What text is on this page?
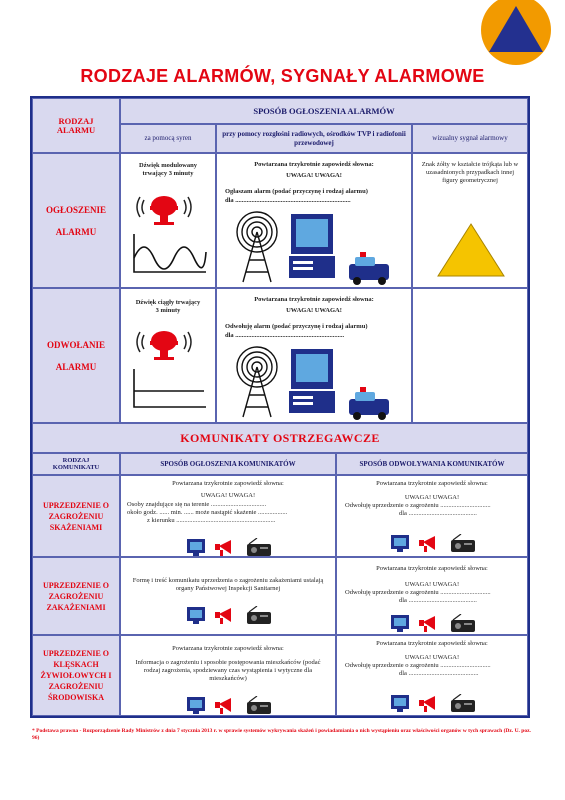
RODZAJE ALARMÓW, SYGNAŁY ALARMOWE
RODZAJ ALARMU
SPOSÓB OGŁOSZENIA ALARMÓW
za pomocą syren
przy pomocy rozgłośni radiowych, ośrodków TVP i radiofonii przewodowej
wizualny sygnał alarmowy
OGŁOSZENIE ALARMU
Dźwięk modulowany trwający 3 minuty
Powtarzana trzykrotnie zapowiedź słowna:
UWAGA! UWAGA!
Ogłaszam alarm (podać przyczynę i rodzaj alarmu)
dla .......................................................................
Znak żółty w kształcie trójkąta lub w uzasadnionych przypadkach innej figury geometrycznej
ODWOŁANIE ALARMU
Dźwięk ciągły trwający 3 minuty
Powtarzana trzykrotnie zapowiedź słowna:
UWAGA! UWAGA!
Odwołuję alarm (podać przyczynę i rodzaj alarmu)
dla ...................................................................
KOMUNIKATY OSTRZEGAWCZE
RODZAJ KOMUNIKATU	SPOSÓB OGŁOSZENIA KOMUNIKATÓW	SPOSÓB ODWOŁYWANIA KOMUNIKATÓW
UPRZEDZENIE O ZAGROŻENIU SKAŻENIAMI
Powtarzana trzykrotnie zapowiedź słowna:
UWAGA! UWAGA!
Osoby znajdujące się na terenie ..................................
około godz. ...... min. ...... może nastąpić skażenie ..................
z kierunku .............................................................
Powtarzana trzykrotnie zapowiedź słowna:
UWAGA! UWAGA!
Odwołuję uprzedzenie o zagrożeniu ...............................
dla ..........................................
UPRZEDZENIE O ZAGROŻENIU ZAKAŻENIAMI
Formę i treść komunikatu uprzedzenia o zagrożeniu zakażeniami ustalają organy Państwowej Inspekcji Sanitarnej
Powtarzana trzykrotnie zapowiedź słowna:
UWAGA! UWAGA!
Odwołuję uprzedzenie o zagrożeniu ...............................
dla ..........................................
UPRZEDZENIE O KLĘSKACH ŻYWIOŁOWYCH I ZAGROŻENIU ŚRODOWISKA
Powtarzana trzykrotnie zapowiedź słowna:
Informacja o zagrożeniu i sposobie postępowania mieszkańców (podać rodzaj zagrożenia, spodziewany czas wystąpienia i wytyczne dla mieszkańców)
Powtarzana trzykrotnie zapowiedź słowna:
UWAGA! UWAGA!
Odwołuję uprzedzenie o zagrożeniu ...............................
dla ...........................................
* Podstawa prawna - Rozporządzenie Rady Ministrów z dnia 7 stycznia 2013 r. w sprawie systemów wykrywania skażeń i powiadamiania o nich wystąpieniu oraz właściwości organów w tych sprawach (Dz. U. poz. 96)
